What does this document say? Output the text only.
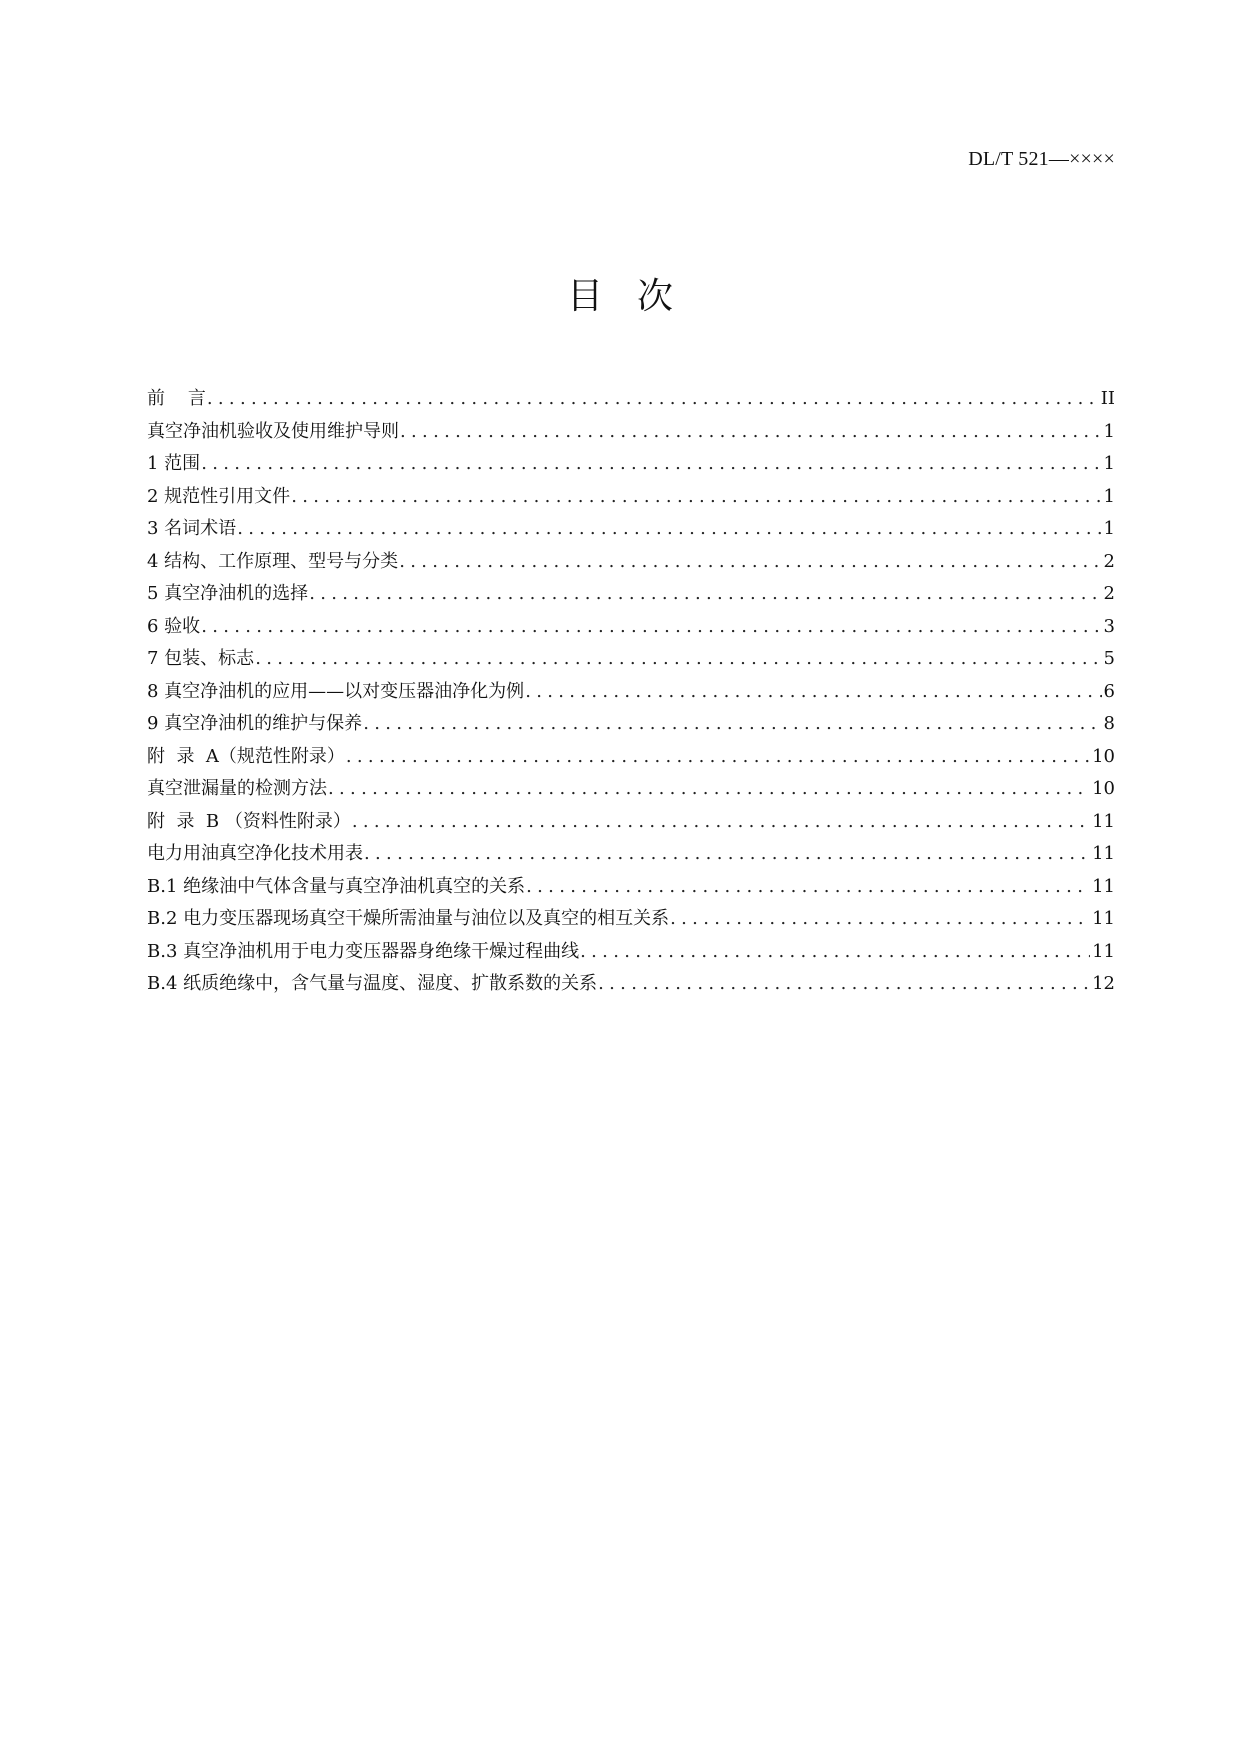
DL/T 521—××××
目次
前    言 .....	II
真空净油机验收及使用维护导则 .....	1
1 范围 .....	1
2 规范性引用文件 .....	1
3 名词术语 .....	1
4 结构、工作原理、型号与分类 .....	2
5 真空净油机的选择 .....	2
6 验收 .....	3
7 包装、标志 .....	5
8 真空净油机的应用——以对变压器油净化为例 .....	6
9 真空净油机的维护与保养 .....	8
附  录  A（规范性附录） .....	10
真空泄漏量的检测方法 .....	10
附  录  B （资料性附录） .....	11
电力用油真空净化技术用表 .....	11
B.1 绝缘油中气体含量与真空净油机真空的关系 .....	11
B.2 电力变压器现场真空干燥所需油量与油位以及真空的相互关系 .....	11
B.3 真空净油机用于电力变压器器身绝缘干燥过程曲线 .....	11
B.4 纸质绝缘中，含气量与温度、湿度、扩散系数的关系 .....	12
